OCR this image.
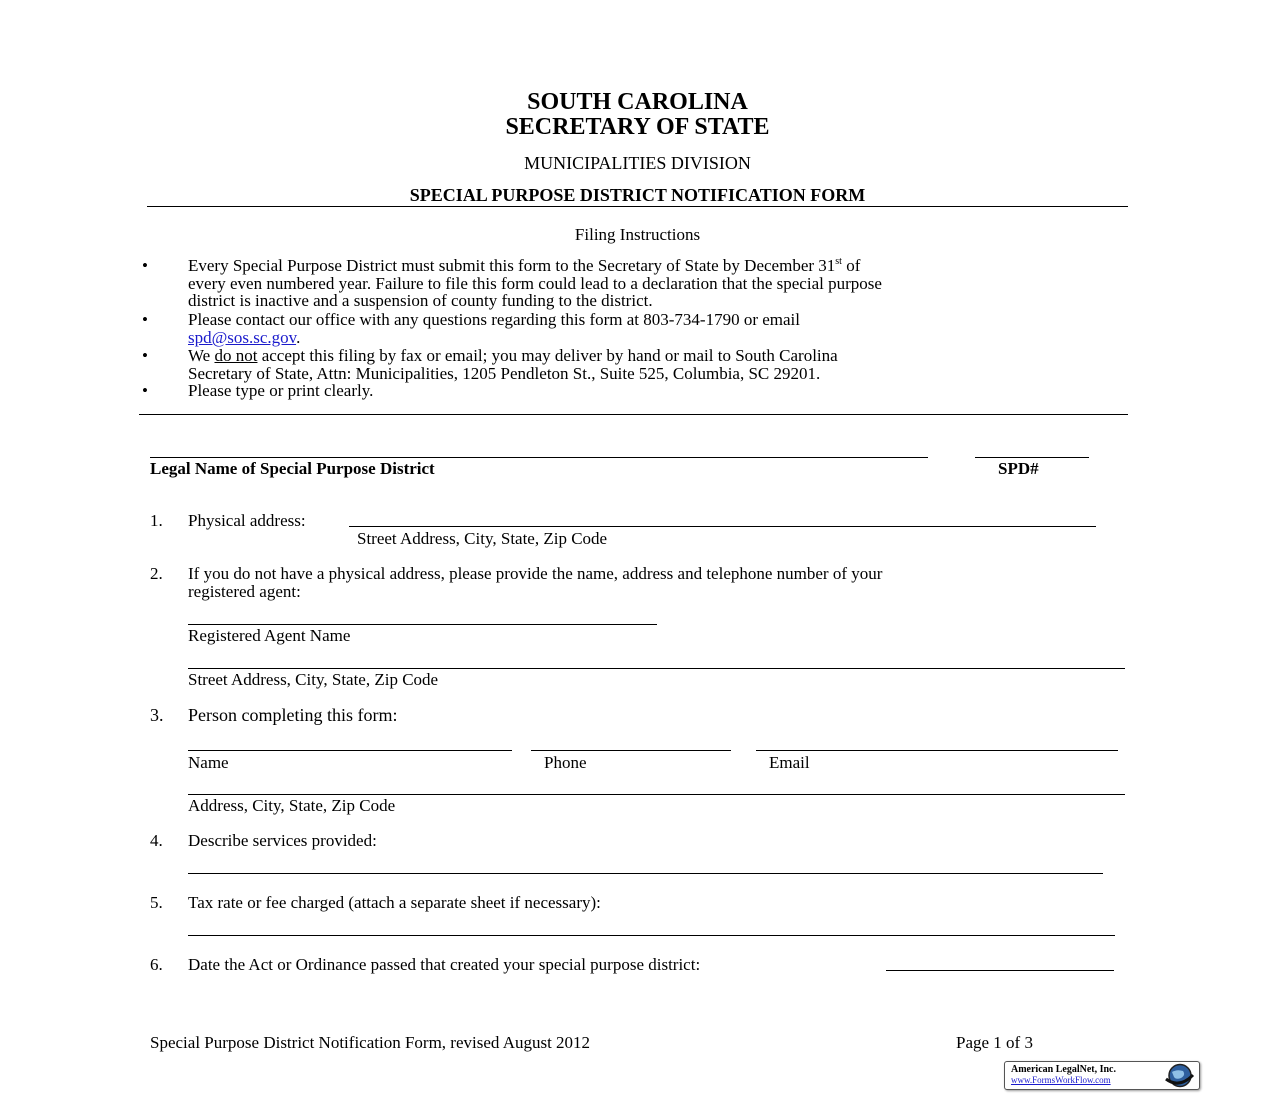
SOUTH CAROLINA
SECRETARY OF STATE
MUNICIPALITIES DIVISION
SPECIAL PURPOSE DISTRICT NOTIFICATION FORM
Filing Instructions
• Every Special Purpose District must submit this form to the Secretary of State by December 31st of
every even numbered year. Failure to file this form could lead to a declaration that the special purpose
district is inactive and a suspension of county funding to the district.
• Please contact our office with any questions regarding this form at 803-734-1790 or email
spd@sos.sc.gov.
• We do not accept this filing by fax or email; you may deliver by hand or mail to South Carolina
Secretary of State, Attn: Municipalities, 1205 Pendleton St., Suite 525, Columbia, SC 29201.
• Please type or print clearly.
Legal Name of Special Purpose District	SPD#
1. Physical address:
Street Address, City, State, Zip Code
2. If you do not have a physical address, please provide the name, address and telephone number of your
registered agent:
Registered Agent Name
Street Address, City, State, Zip Code
3. Person completing this form:
Name	Phone	Email
Address, City, State, Zip Code
4. Describe services provided:
5. Tax rate or fee charged (attach a separate sheet if necessary):
6. Date the Act or Ordinance passed that created your special purpose district:
Special Purpose District Notification Form, revised August 2012	Page 1 of 3
American LegalNet, Inc.
www.FormsWorkFlow.com
